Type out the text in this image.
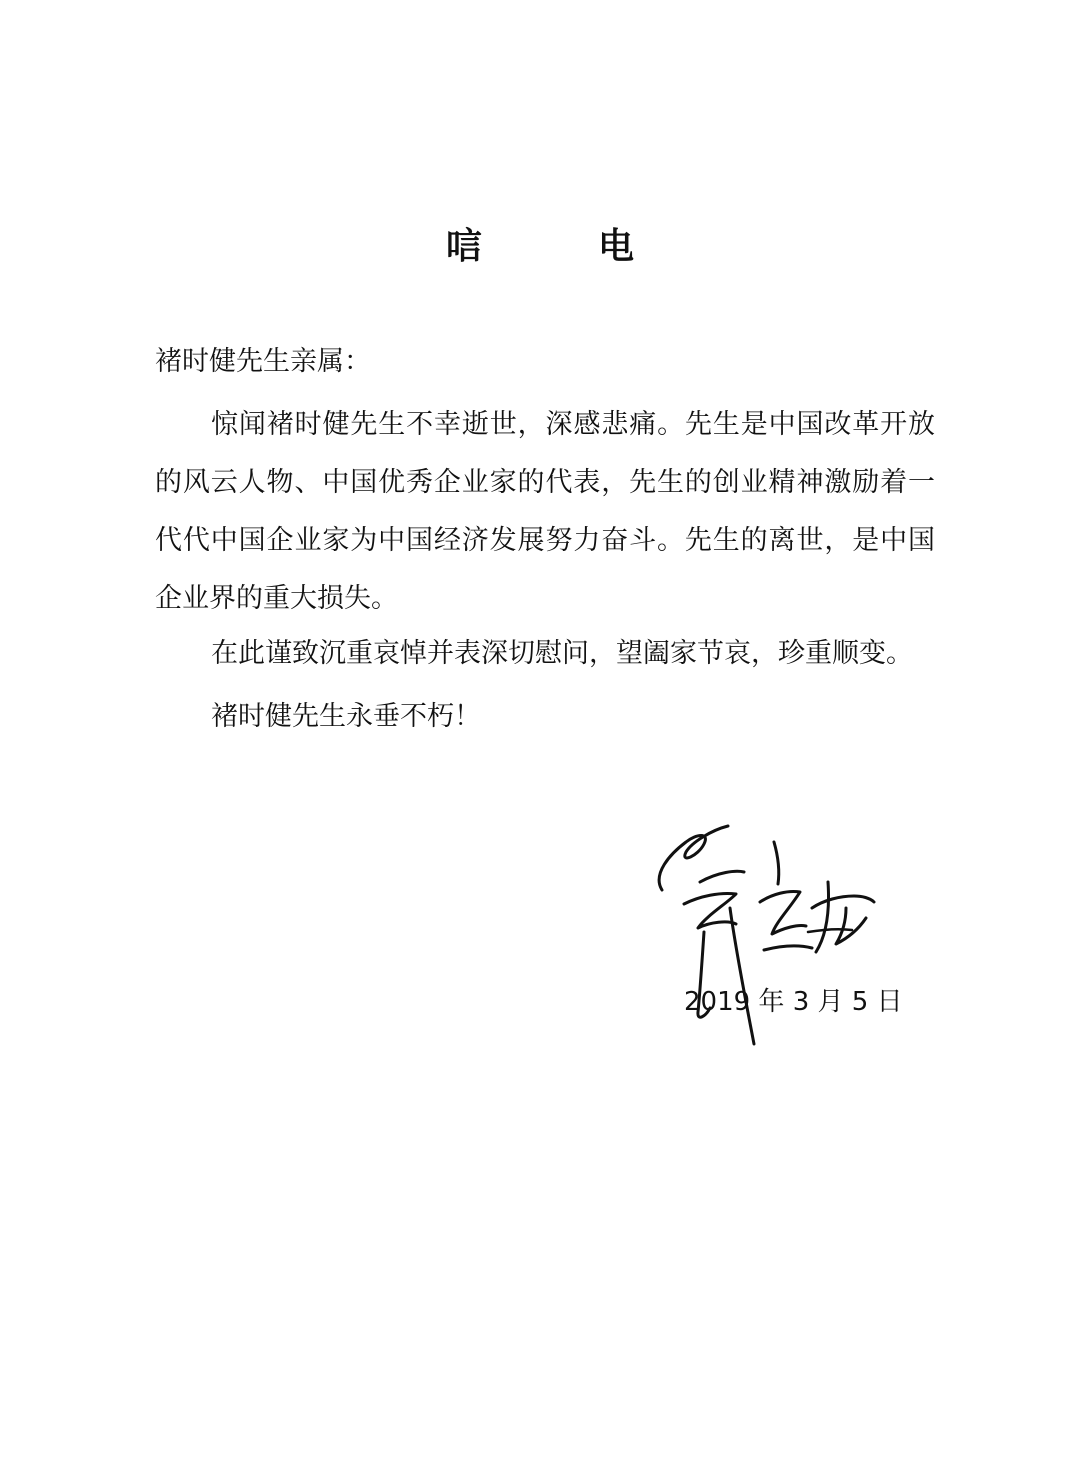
唁　电
褚时健先生亲属：
惊闻褚时健先生不幸逝世，深感悲痛。先生是中国改革开放的风云人物、中国优秀企业家的代表，先生的创业精神激励着一代代中国企业家为中国经济发展努力奋斗。先生的离世，是中国企业界的重大损失。
在此谨致沉重哀悼并表深切慰问，望阖家节哀，珍重顺变。
褚时健先生永垂不朽！
2019 年 3 月 5 日
